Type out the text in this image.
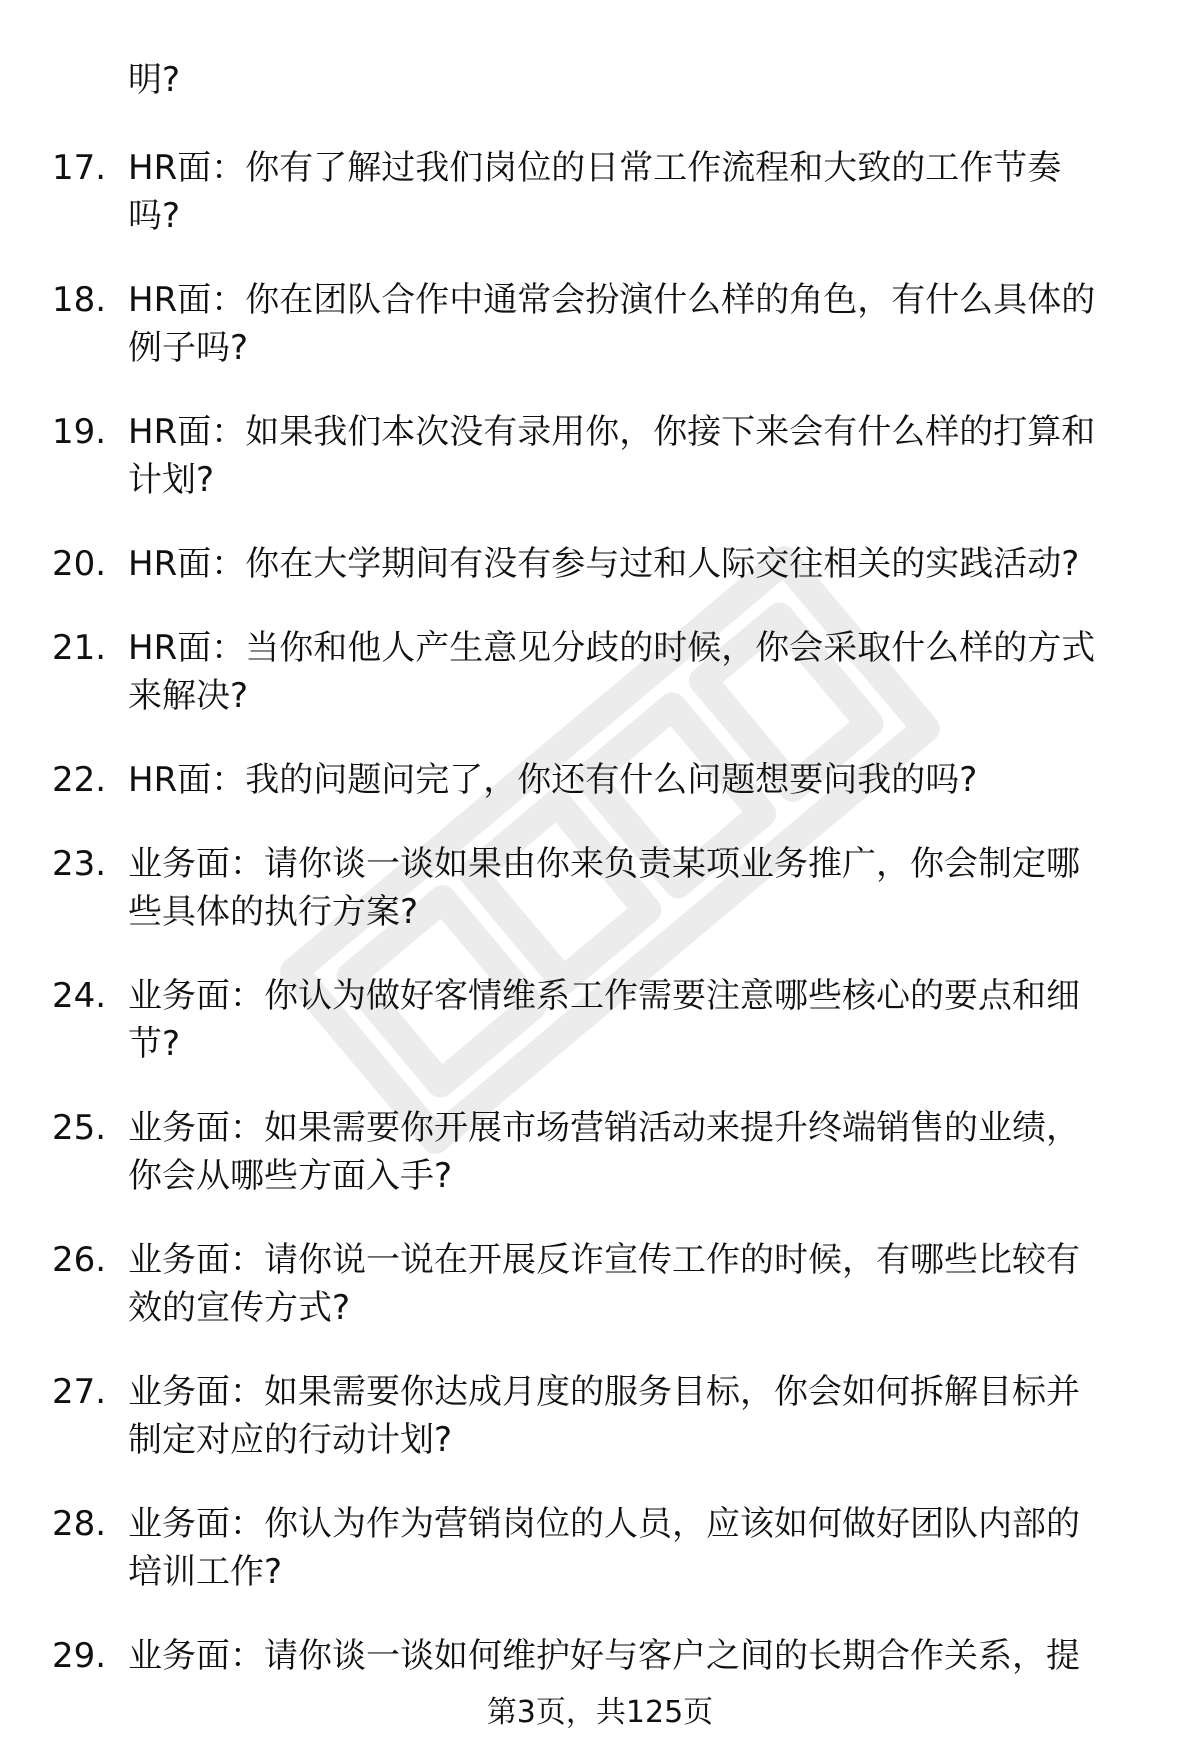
明?

17. HR面：你有了解过我们岗位的日常工作流程和大致的工作节奏
吗?
18. HR面：你在团队合作中通常会扮演什么样的角色，有什么具体的
例子吗?
19. HR面：如果我们本次没有录用你，你接下来会有什么样的打算和
计划?
20. HR面：你在大学期间有没有参与过和人际交往相关的实践活动?
21. HR面：当你和他人产生意见分歧的时候，你会采取什么样的方式
来解决?
22. HR面：我的问题问完了，你还有什么问题想要问我的吗?
23. 业务面：请你谈一谈如果由你来负责某项业务推广，你会制定哪
些具体的执行方案?
24. 业务面：你认为做好客情维系工作需要注意哪些核心的要点和细
节?
25. 业务面：如果需要你开展市场营销活动来提升终端销售的业绩，
你会从哪些方面入手?
26. 业务面：请你说一说在开展反诈宣传工作的时候，有哪些比较有
效的宣传方式?
27. 业务面：如果需要你达成月度的服务目标，你会如何拆解目标并
制定对应的行动计划?
28. 业务面：你认为作为营销岗位的人员，应该如何做好团队内部的
培训工作?
29. 业务面：请你谈一谈如何维护好与客户之间的长期合作关系，提

第3页，共125页
